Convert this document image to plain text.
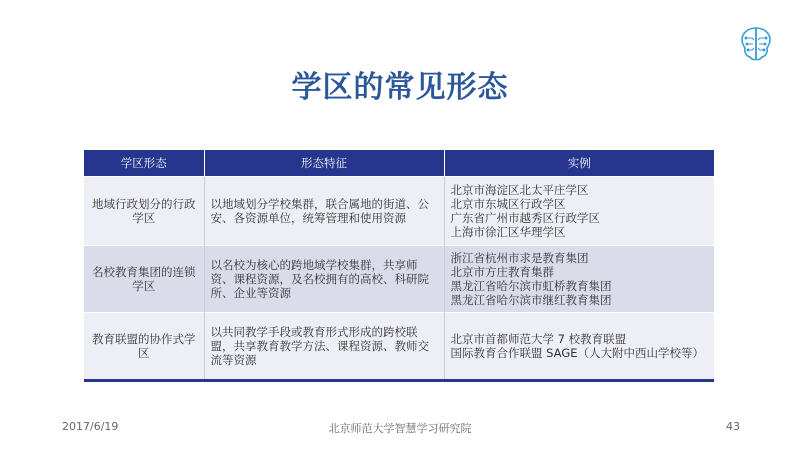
学区的常见形态
学区形态	形态特征	实例
地域行政划分的行政学区	以地域划分学校集群，联合属地的街道、公安、各资源单位，统筹管理和使用资源	北京市海淀区北太平庄学区
北京市东城区行政学区
广东省广州市越秀区行政学区
上海市徐汇区华理学区

名校教育集团的连锁学区	以名校为核心的跨地域学校集群，共享师资、课程资源，及名校拥有的高校、科研院所、企业等资源	浙江省杭州市求是教育集团
北京市方庄教育集群
黑龙江省哈尔滨市虹桥教育集团
黑龙江省哈尔滨市继红教育集团

教育联盟的协作式学区	以共同教学手段或教育形式形成的跨校联盟，共享教育教学方法、课程资源、教师交流等资源	北京市首都师范大学 7 校教育联盟
国际教育合作联盟 SAGE（人大附中西山学校等）
2017/6/19	北京师范大学智慧学习研究院	43
